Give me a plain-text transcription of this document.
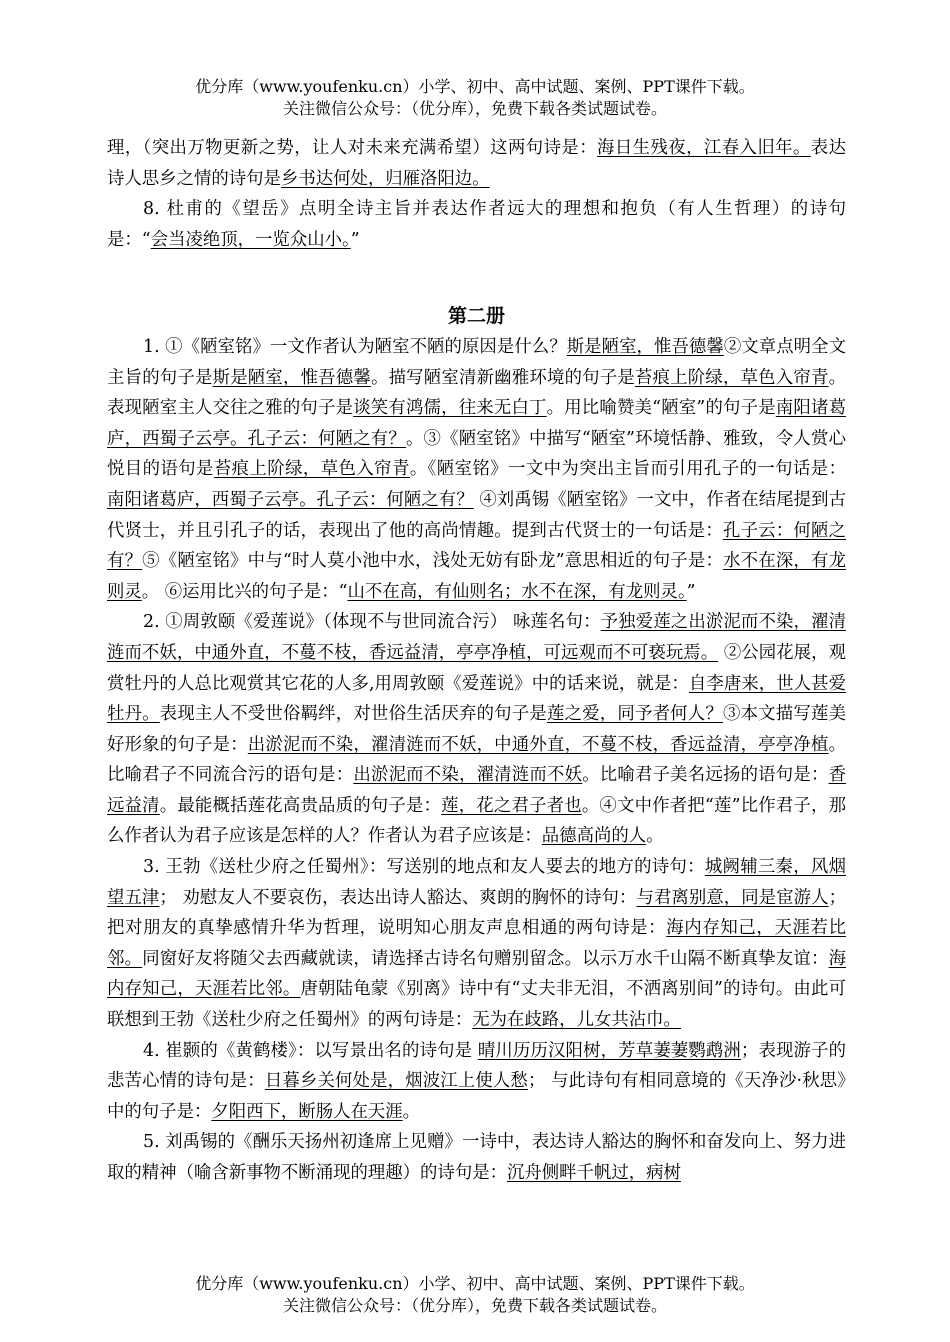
优分库（www.youfenku.cn）小学、初中、高中试题、案例、PPT课件下载。
关注微信公众号：（优分库），免费下载各类试题试卷。

理，（突出万物更新之势，让人对未来充满希望）这两句诗是：海日生残夜，江春入旧年。表达诗人思乡之情的诗句是乡书达何处，归雁洛阳边。

8. 杜甫的《望岳》点明全诗主旨并表达作者远大的理想和抱负（有人生哲理）的诗句是：“会当凌绝顶，一览众山小。”

第二册

1. ①《陋室铭》一文作者认为陋室不陋的原因是什么？斯是陋室，惟吾德馨②文章点明全文主旨的句子是斯是陋室，惟吾德馨。描写陋室清新幽雅环境的句子是苔痕上阶绿，草色入帘青。表现陋室主人交往之雅的句子是谈笑有鸿儒，往来无白丁。用比喻赞美“陋室”的句子是南阳诸葛庐，西蜀子云亭。孔子云：何陋之有？。③《陋室铭》中描写“陋室”环境恬静、雅致，令人赏心悦目的语句是苔痕上阶绿，草色入帘青。《陋室铭》一文中为突出主旨而引用孔子的一句话是：南阳诸葛庐，西蜀子云亭。孔子云：何陋之有？ ④刘禹锡《陋室铭》一文中，作者在结尾提到古代贤士，并且引孔子的话，表现出了他的高尚情趣。提到古代贤士的一句话是：孔子云：何陋之有？⑤《陋室铭》中与“时人莫小池中水，浅处无妨有卧龙”意思相近的句子是：水不在深，有龙则灵。 ⑥运用比兴的句子是：“山不在高，有仙则名；水不在深，有龙则灵。”

2. ①周敦颐《爱莲说》（体现不与世同流合污） 咏莲名句：予独爱莲之出淤泥而不染，濯清涟而不妖，中通外直，不蔓不枝，香远益清，亭亭净植，可远观而不可亵玩焉。 ②公园花展，观赏牡丹的人总比观赏其它花的人多,用周敦颐《爱莲说》中的话来说，就是：自李唐来，世人甚爱牡丹。表现主人不受世俗羁绊，对世俗生活厌弃的句子是莲之爱，同予者何人？③本文描写莲美好形象的句子是：出淤泥而不染，濯清涟而不妖，中通外直，不蔓不枝，香远益清，亭亭净植。比喻君子不同流合污的语句是：出淤泥而不染，濯清涟而不妖。比喻君子美名远扬的语句是：香远益清。最能概括莲花高贵品质的句子是：莲，花之君子者也。④文中作者把“莲”比作君子，那么作者认为君子应该是怎样的人？作者认为君子应该是：品德高尚的人。

3. 王勃《送杜少府之任蜀州》：写送别的地点和友人要去的地方的诗句：城阙辅三秦，风烟望五津； 劝慰友人不要哀伤，表达出诗人豁达、爽朗的胸怀的诗句：与君离别意，同是宦游人；把对朋友的真挚感情升华为哲理，说明知心朋友声息相通的两句诗是：海内存知己，天涯若比邻。同窗好友将随父去西藏就读，请选择古诗名句赠别留念。以示万水千山隔不断真挚友谊：海内存知己，天涯若比邻。唐朝陆龟蒙《别离》诗中有“丈夫非无泪，不洒离别间”的诗句。由此可联想到王勃《送杜少府之任蜀州》的两句诗是：无为在歧路，儿女共沾巾。

4. 崔颢的《黄鹤楼》：以写景出名的诗句是 晴川历历汉阳树，芳草萋萋鹦鹉洲；表现游子的悲苦心情的诗句是：日暮乡关何处是，烟波江上使人愁； 与此诗句有相同意境的《天净沙·秋思》中的句子是：夕阳西下，断肠人在天涯。

5. 刘禹锡的《酬乐天扬州初逢席上见赠》一诗中，表达诗人豁达的胸怀和奋发向上、努力进取的精神（喻含新事物不断涌现的理趣）的诗句是：沉舟侧畔千帆过，病树

优分库（www.youfenku.cn）小学、初中、高中试题、案例、PPT课件下载。
关注微信公众号：（优分库），免费下载各类试题试卷。
